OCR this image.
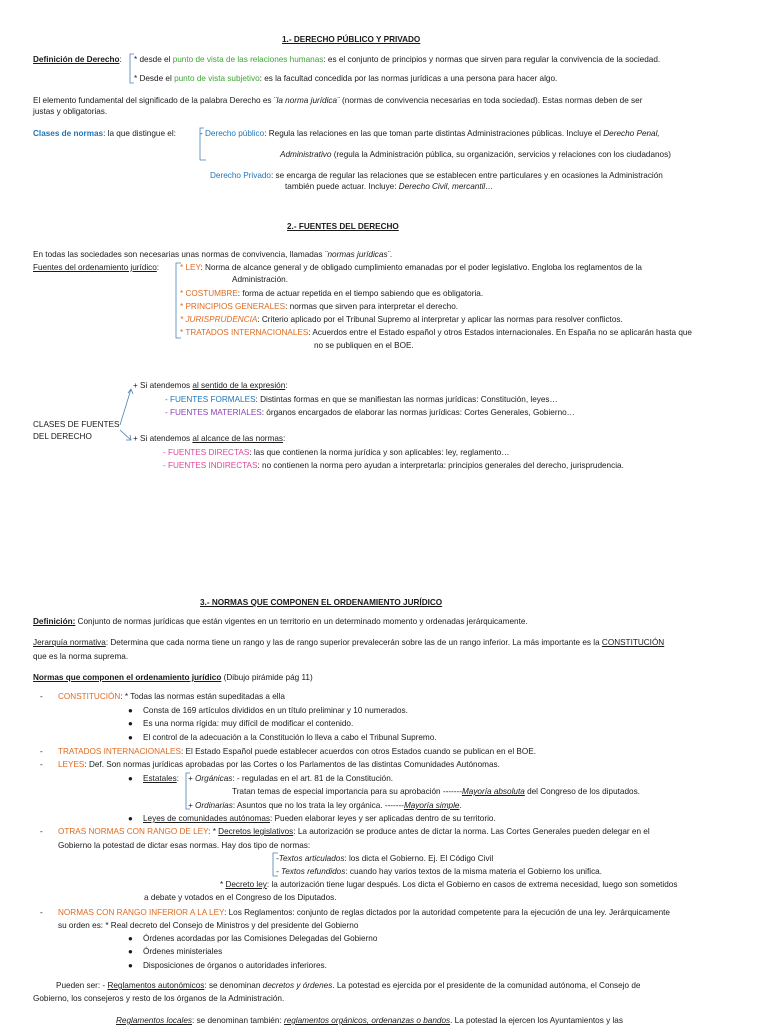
1.- DERECHO PÚBLICO Y PRIVADO
Definición de Derecho: * desde el punto de vista de las relaciones humanas: es el conjunto de principios y normas que sirven para regular la convivencia de la sociedad.
* Desde el punto de vista subjetivo: es la facultad concedida por las normas jurídicas a una persona para hacer algo.
El elemento fundamental del significado de la palabra Derecho es ¨la norma jurídica¨ (normas de convivencia necesarias en toda sociedad). Estas normas deben de ser
justas y obligatorias.
Clases de normas: la que distingue el:	- Derecho público: Regula las relaciones en las que toman parte distintas Administraciones públicas. Incluye el Derecho Penal,
Administrativo (regula la Administración pública, su organización, servicios y relaciones con los ciudadanos)
Derecho Privado: se encarga de regular las relaciones que se establecen entre particulares y en ocasiones la Administración
también puede actuar. Incluye: Derecho Civil, mercantil…
2.- FUENTES DEL DERECHO
En todas las sociedades son necesarias unas normas de convivencia, llamadas ¨normas jurídicas¨.
Fuentes del ordenamiento jurídico:	* LEY: Norma de alcance general y de obligado cumplimiento emanadas por el poder legislativo. Engloba los reglamentos de la
Administración.
* COSTUMBRE: forma de actuar repetida en el tiempo sabiendo que es obligatoria.
* PRINCIPIOS GENERALES: normas que sirven para interpretar el derecho.
* JURISPRUDENCIA: Criterio aplicado por el Tribunal Supremo al interpretar y aplicar las normas para resolver conflictos.
* TRATADOS INTERNACIONALES: Acuerdos entre el Estado español y otros Estados internacionales. En España no se aplicarán hasta que
no se publiquen en el BOE.
CLASES DE FUENTES
DEL DERECHO
+ Si atendemos al sentido de la expresión:
- FUENTES FORMALES: Distintas formas en que se manifiestan las normas jurídicas: Constitución, leyes…
- FUENTES MATERIALES: órganos encargados de elaborar las normas jurídicas: Cortes Generales, Gobierno…
+ Si atendemos al alcance de las normas:
- FUENTES DIRECTAS: las que contienen la norma jurídica y son aplicables: ley, reglamento…
- FUENTES INDIRECTAS: no contienen la norma pero ayudan a interpretarla: principios generales del derecho, jurisprudencia.
3.- NORMAS QUE COMPONEN EL ORDENAMIENTO JURÍDICO
Definición: Conjunto de normas jurídicas que están vigentes en un territorio en un determinado momento y ordenadas jerárquicamente.
Jerarquía normativa: Determina que cada norma tiene un rango y las de rango superior prevalecerán sobre las de un rango inferior. La más importante es la CONSTITUCIÓN
que es la norma suprema.
Normas que componen el ordenamiento jurídico (Dibujo pirámide pág 11)
- CONSTITUCIÓN: * Todas las normas están supeditadas a ella
● Consta de 169 artículos divididos en un título preliminar y 10 numerados.
● Es una norma rígida: muy difícil de modificar el contenido.
● El control de la adecuación a la Constitución lo lleva a cabo el Tribunal Supremo.
- TRATADOS INTERNACIONALES: El Estado Español puede establecer acuerdos con otros Estados cuando se publican en el BOE.
- LEYES: Def. Son normas jurídicas aprobadas por las Cortes o los Parlamentos de las distintas Comunidades Autónomas.
● Estatales: + Orgánicas: - reguladas en el art. 81 de la Constitución.
Tratan temas de especial importancia para su aprobación -------Mayoría absoluta del Congreso de los diputados.
+ Ordinarias: Asuntos que no los trata la ley orgánica. -------Mayoría simple.
● Leyes de comunidades autónomas: Pueden elaborar leyes y ser aplicadas dentro de su territorio.
- OTRAS NORMAS CON RANGO DE LEY: * Decretos legislativos: La autorización se produce antes de dictar la norma. Las Cortes Generales pueden delegar en el
Gobierno la potestad de dictar esas normas. Hay dos tipo de normas:
-Textos articulados: los dicta el Gobierno. Ej. El Código Civil
- Textos refundidos: cuando hay varios textos de la misma materia el Gobierno los unifica.
* Decreto ley: la autorización tiene lugar después. Los dicta el Gobierno en casos de extrema necesidad, luego son sometidos
a debate y votados en el Congreso de los Diputados.
- NORMAS CON RANGO INFERIOR A LA LEY: Los Reglamentos: conjunto de reglas dictados por la autoridad competente para la ejecución de una ley. Jerárquicamente
su orden es: * Real decreto del Consejo de Ministros y del presidente del Gobierno
● Órdenes acordadas por las Comisiones Delegadas del Gobierno
● Órdenes ministeriales
● Disposiciones de órganos o autoridades inferiores.
Pueden ser: - Reglamentos autonómicos: se denominan decretos y órdenes. La potestad es ejercida por el presidente de la comunidad autónoma, el Consejo de
Gobierno, los consejeros y resto de los órganos de la Administración.
Reglamentos locales: se denominan también: reglamentos orgánicos, ordenanzas o bandos. La potestad la ejercen los Ayuntamientos y las
